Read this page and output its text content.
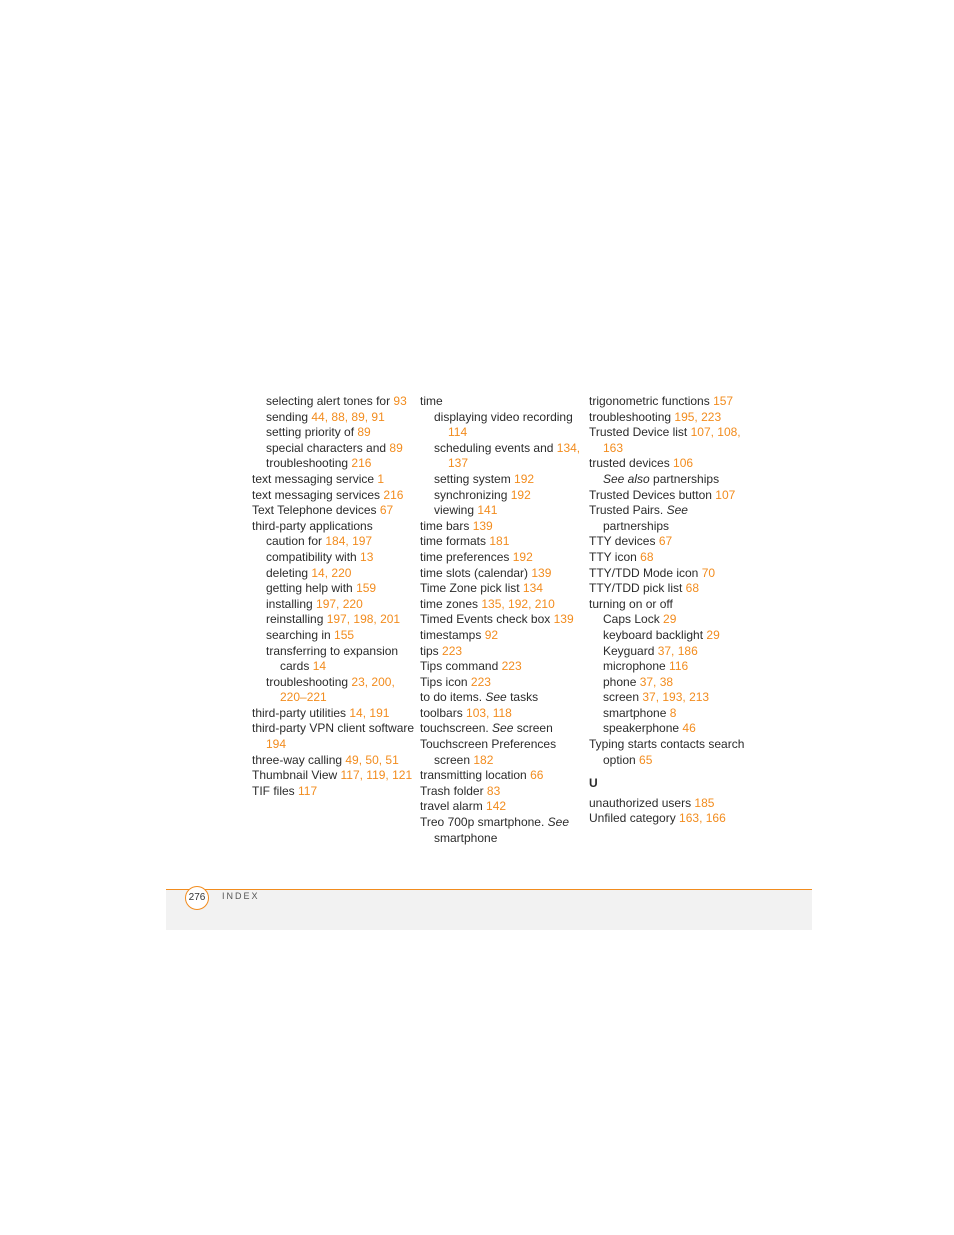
selecting alert tones for 93
sending 44, 88, 89, 91
setting priority of 89
special characters and 89
troubleshooting 216
text messaging service 1
text messaging services 216
Text Telephone devices 67
third-party applications
caution for 184, 197
compatibility with 13
deleting 14, 220
getting help with 159
installing 197, 220
reinstalling 197, 198, 201
searching in 155
transferring to expansion cards 14
troubleshooting 23, 200, 220–221
third-party utilities 14, 191
third-party VPN client software 194
three-way calling 49, 50, 51
Thumbnail View 117, 119, 121
TIF files 117
time
displaying video recording 114
scheduling events and 134, 137
setting system 192
synchronizing 192
viewing 141
time bars 139
time formats 181
time preferences 192
time slots (calendar) 139
Time Zone pick list 134
time zones 135, 192, 210
Timed Events check box 139
timestamps 92
tips 223
Tips command 223
Tips icon 223
to do items. See tasks
toolbars 103, 118
touchscreen. See screen
Touchscreen Preferences screen 182
transmitting location 66
Trash folder 83
travel alarm 142
Treo 700p smartphone. See smartphone
trigonometric functions 157
troubleshooting 195, 223
Trusted Device list 107, 108, 163
trusted devices 106
See also partnerships
Trusted Devices button 107
Trusted Pairs. See partnerships
TTY devices 67
TTY icon 68
TTY/TDD Mode icon 70
TTY/TDD pick list 68
turning on or off
Caps Lock 29
keyboard backlight 29
Keyguard 37, 186
microphone 116
phone 37, 38
screen 37, 193, 213
smartphone 8
speakerphone 46
Typing starts contacts search option 65
U
unauthorized users 185
Unfiled category 163, 166
276	INDEX
